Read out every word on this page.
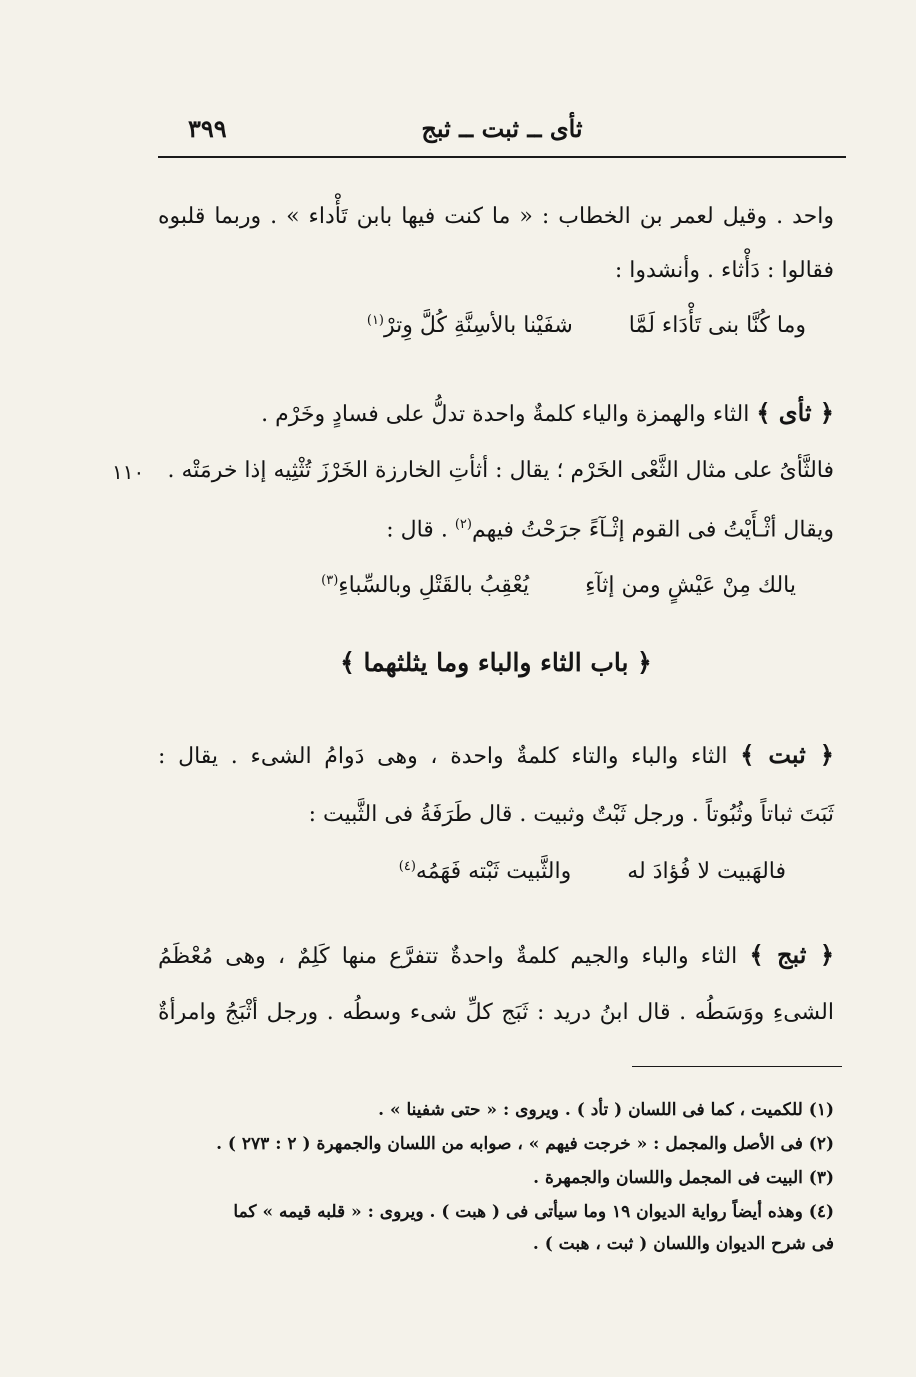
٣٩٩	ثأى ــ ثبت ــ ثبج
واحد . وقيل لعمر بن الخطاب : « ما كنت فيها بابن تَأْداء » . وربما قلبوه
فقالوا : دَأْثاء . وأنشدوا :
وما كُنَّا بنى تَأْدَاء لَمَّاشفَيْنا بالأسِنَّةِ كُلَّ وِترْ$^{(١)}$
﴿ ثأى ﴾ الثاء والهمزة والياء كلمةٌ واحدة تدلُّ على فسادٍ وخَرْم .
فالثَّأىُ على مثال الثَّعْى الخَرْم ؛ يقال : أثأتِ الخارزة الخَرْزَ تُثْثِيه إذا خرمَتْه .
١١٠
ويقال أثْـأَيْتُ فى القوم إثْـآءً جرَحْتُ فيهم$^{(٢)}$ . قال :
يالك مِنْ عَيْشٍ ومن إثآءِيُعْقِبُ بالقَتْلِ وبالسِّباءِ$^{(٣)}$
﴿ باب الثاء والباء وما يثلثهما ﴾
﴿ ثبت ﴾ الثاء والباء والتاء كلمةٌ واحدة ، وهى دَوامُ الشىء . يقال :
ثَبَتَ ثباتاً وثُبُوتاً . ورجل ثَبْتٌ وثبيت . قال طَرَفَةُ فى الثَّبيت :
فالهَبيت لا فُؤادَ لهوالثَّبيت ثَبْته فَهَمُه$^{(٤)}$
﴿ ثبج ﴾ الثاء والباء والجيم كلمةٌ واحدةٌ تتفرَّع منها كَلِمٌ ، وهى مُعْظَمُ
الشىءِ ووَسَطُه . قال ابنُ دريد : ثَبَج كلِّ شىء وسطُه . ورجل أثْبَجُ وامرأةٌ
(١) للكميت ، كما فى اللسان ( تأد ) . ويروى : « حتى شفينا » .
(٢) فى الأصل والمجمل : « خرجت فيهم » ، صوابه من اللسان والجمهرة ( ٢ : ٢٧٣ ) .
(٣) البيت فى المجمل واللسان والجمهرة .
(٤) وهذه أيضاً رواية الديوان ١٩ وما سيأتى فى ( هبت ) . ويروى : « قلبه قيمه » كما
فى شرح الديوان واللسان ( ثبت ، هبت ) .
